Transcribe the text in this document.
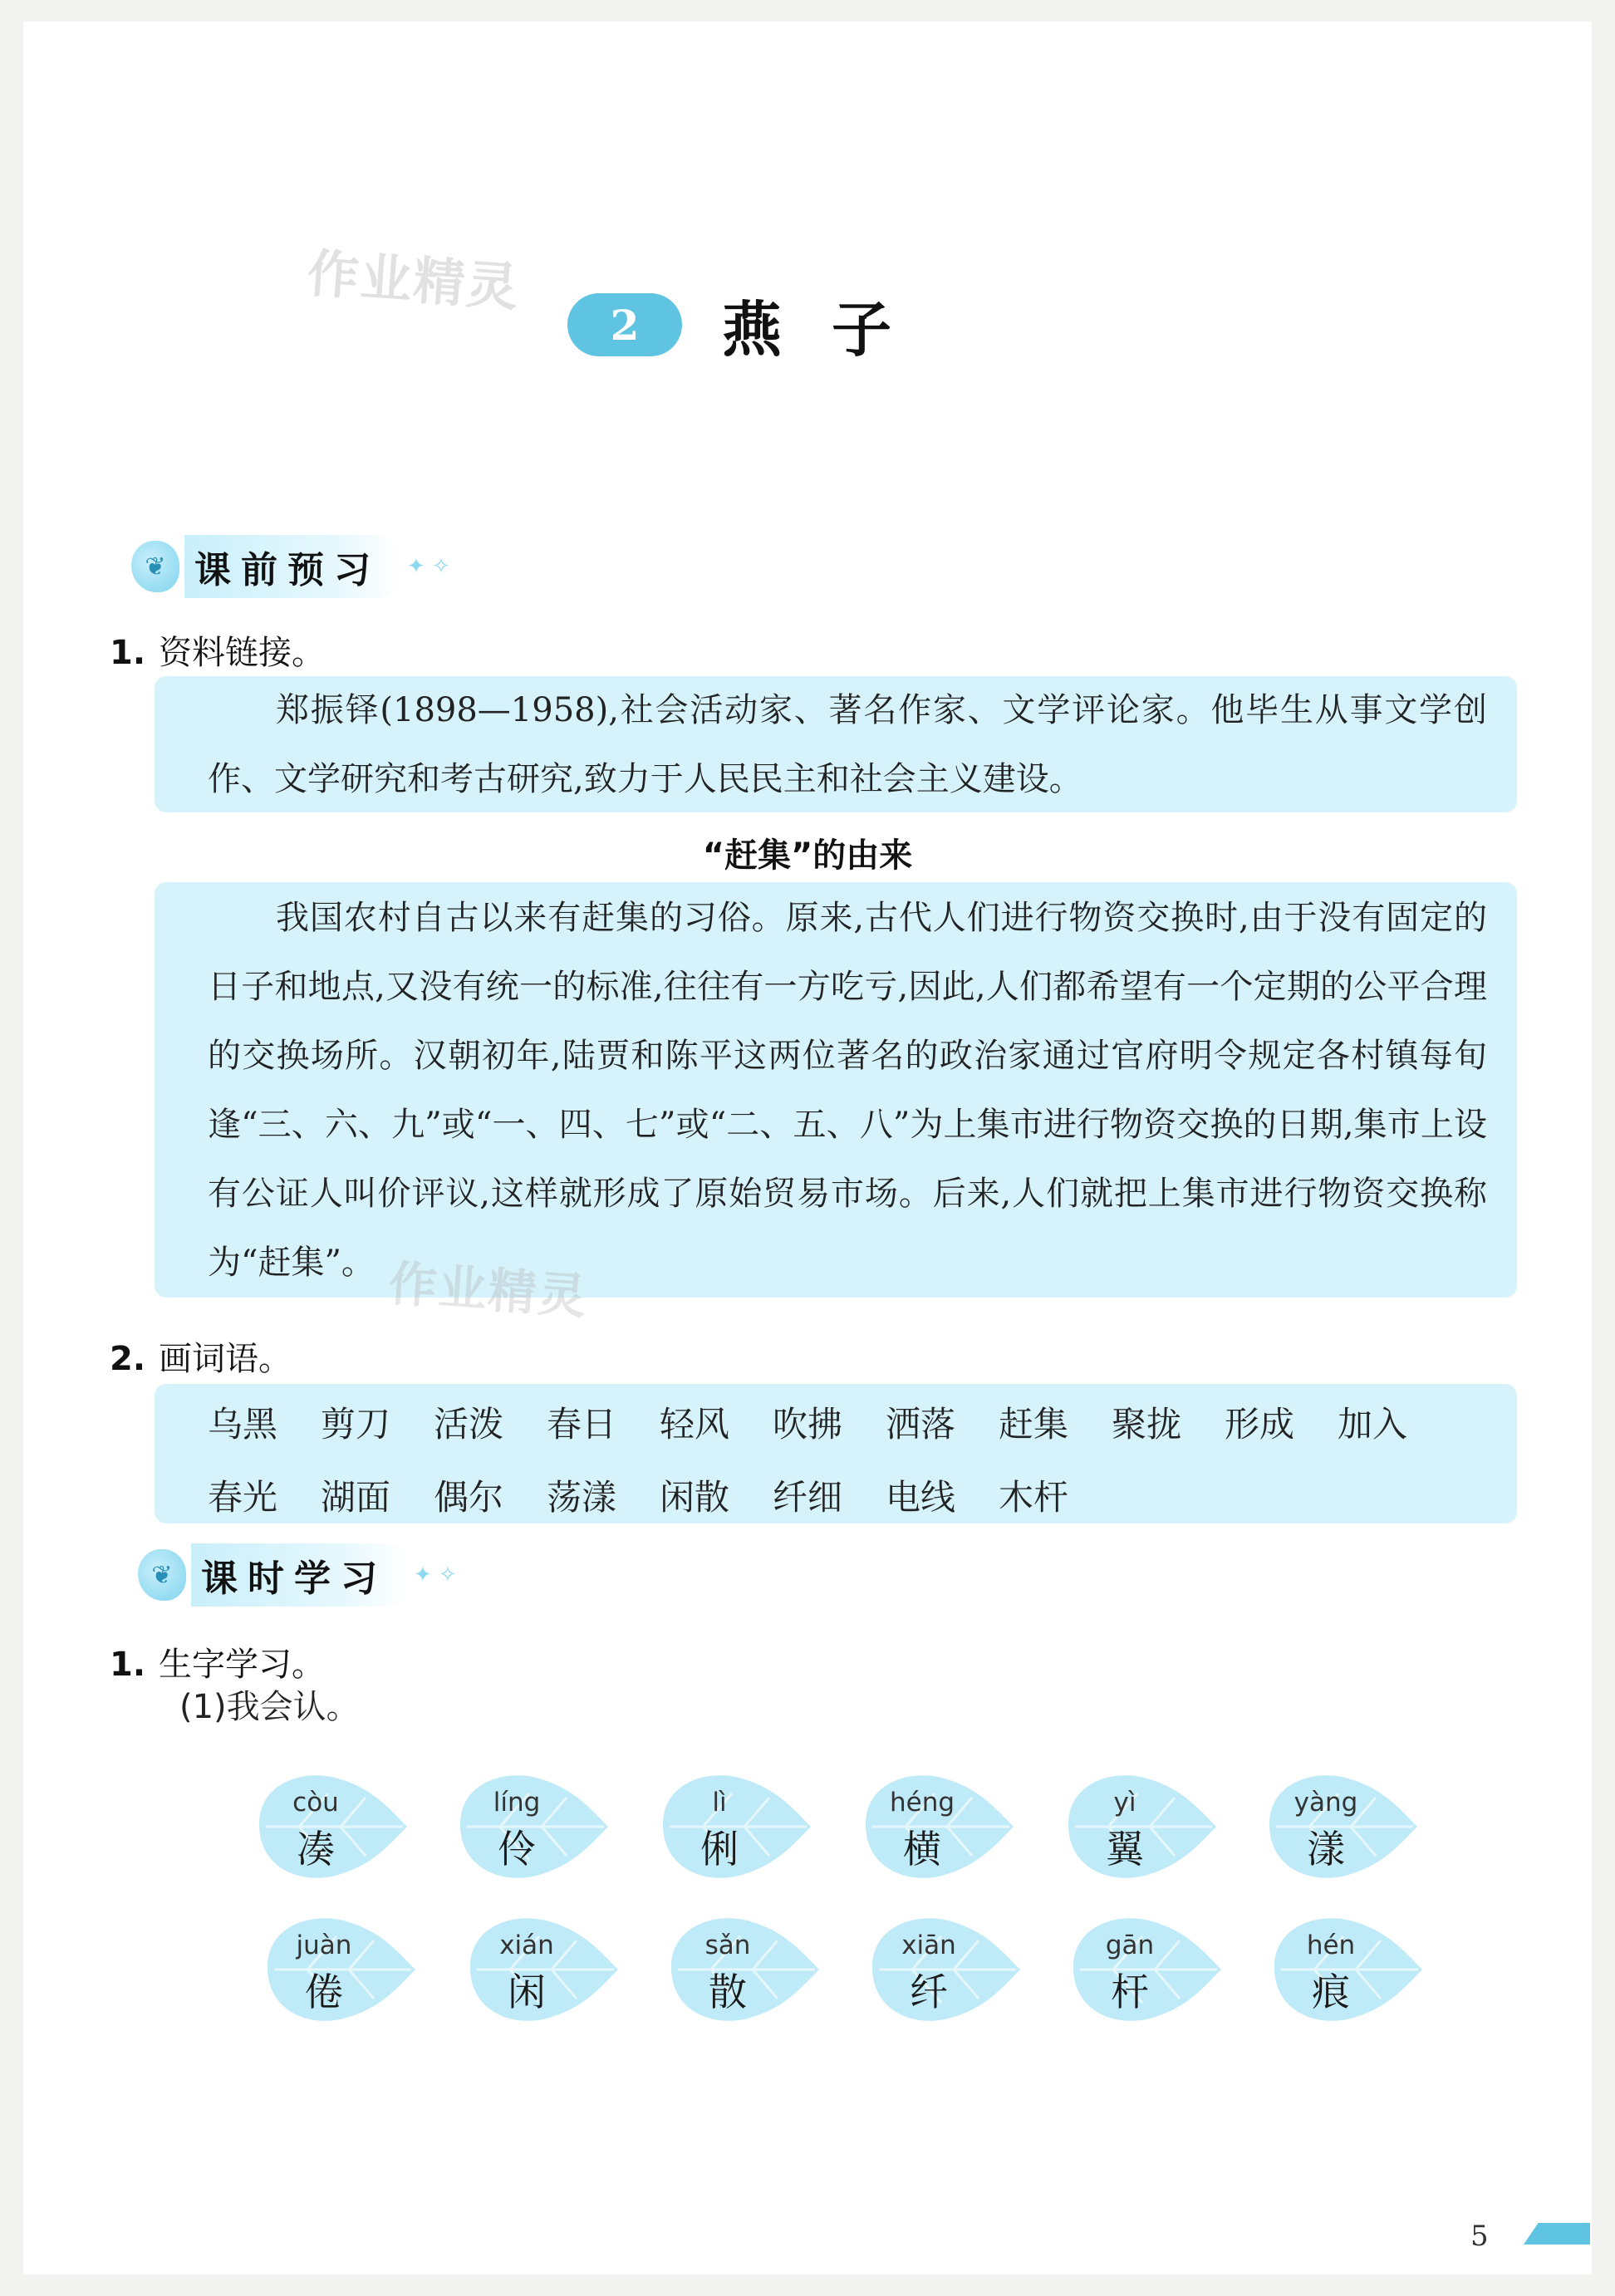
作业精灵
2	燕子
❦ 课前预习	✦ ✧
1. 资料链接。
郑振铎(1898—1958),社会活动家、著名作家、文学评论家。他毕生从事文学创作、文学研究和考古研究,致力于人民民主和社会主义建设。
“赶集”的由来
我国农村自古以来有赶集的习俗。原来,古代人们进行物资交换时,由于没有固定的日子和地点,又没有统一的标准,往往有一方吃亏,因此,人们都希望有一个定期的公平合理的交换场所。汉朝初年,陆贾和陈平这两位著名的政治家通过官府明令规定各村镇每旬逢“三、六、九”或“一、四、七”或“二、五、八”为上集市进行物资交换的日期,集市上设有公证人叫价评议,这样就形成了原始贸易市场。后来,人们就把上集市进行物资交换称为“赶集”。 作业精灵
2. 画词语。
乌黑	剪刀	活泼	春日	轻风	吹拂	洒落	赶集	聚拢	形成	加入
春光	湖面	偶尔	荡漾	闲散	纤细	电线	木杆
❦ 课时学习	✦ ✧
1. 生字学习。
(1)我会认。
còu
凑
líng
伶
lì
俐
héng
横
yì
翼
yàng
漾
juàn
倦
xián
闲
sǎn
散
xiān
纤
gān
杆
hén
痕
5
